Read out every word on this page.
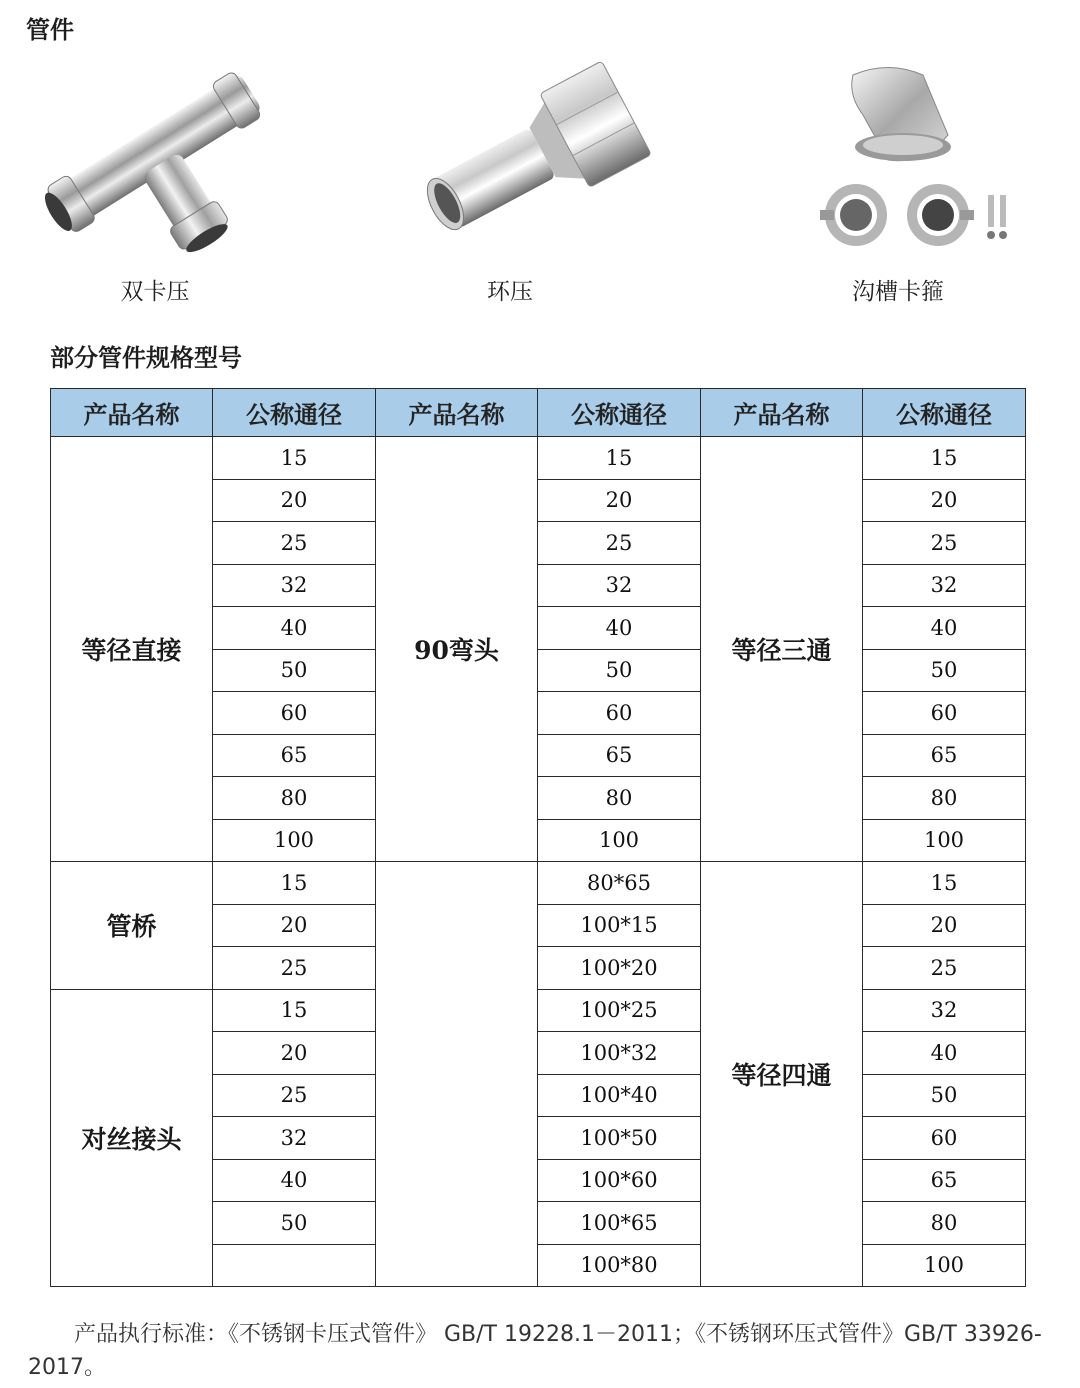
管件
双卡压	环压	沟槽卡箍
部分管件规格型号
产品名称	公称通径	产品名称	公称通径	产品名称	公称通径
等径直接	15	90弯头	15	等径三通	15
	20		20		20
	25		25		25
	32		32		32
	40		40		40
	50		50		50
	60		60		60
	65		65		65
	80		80		80
	100		100		100
管桥	15		80*65	等径四通	15
	20		100*15		20
	25		100*20		25
对丝接头	15		100*25		32
	20		100*32		40
	25		100*40		50
	32		100*50		60
	40		100*60		65
	50		100*65		80
			100*80		100

产品执行标准：《不锈钢卡压式管件》 GB/T 19228.1－2011；《不锈钢环压式管件》GB/T 33926-2017。
